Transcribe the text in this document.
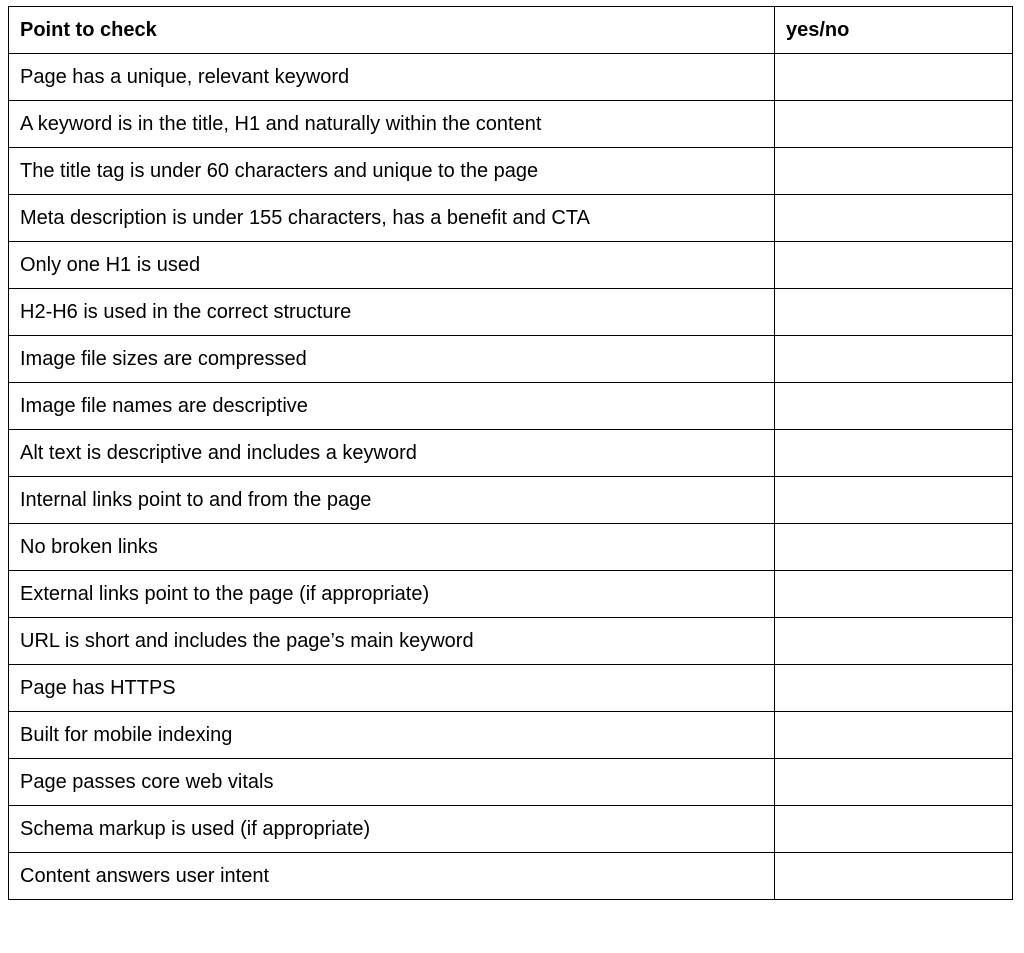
Point to check	yes/no
Page has a unique, relevant keyword	
A keyword is in the title, H1 and naturally within the content	
The title tag is under 60 characters and unique to the page	
Meta description is under 155 characters, has a benefit and CTA	
Only one H1 is used	
H2-H6 is used in the correct structure	
Image file sizes are compressed	
Image file names are descriptive	
Alt text is descriptive and includes a keyword	
Internal links point to and from the page	
No broken links	
External links point to the page (if appropriate)	
URL is short and includes the page’s main keyword	
Page has HTTPS	
Built for mobile indexing	
Page passes core web vitals	
Schema markup is used (if appropriate)	
Content answers user intent	
